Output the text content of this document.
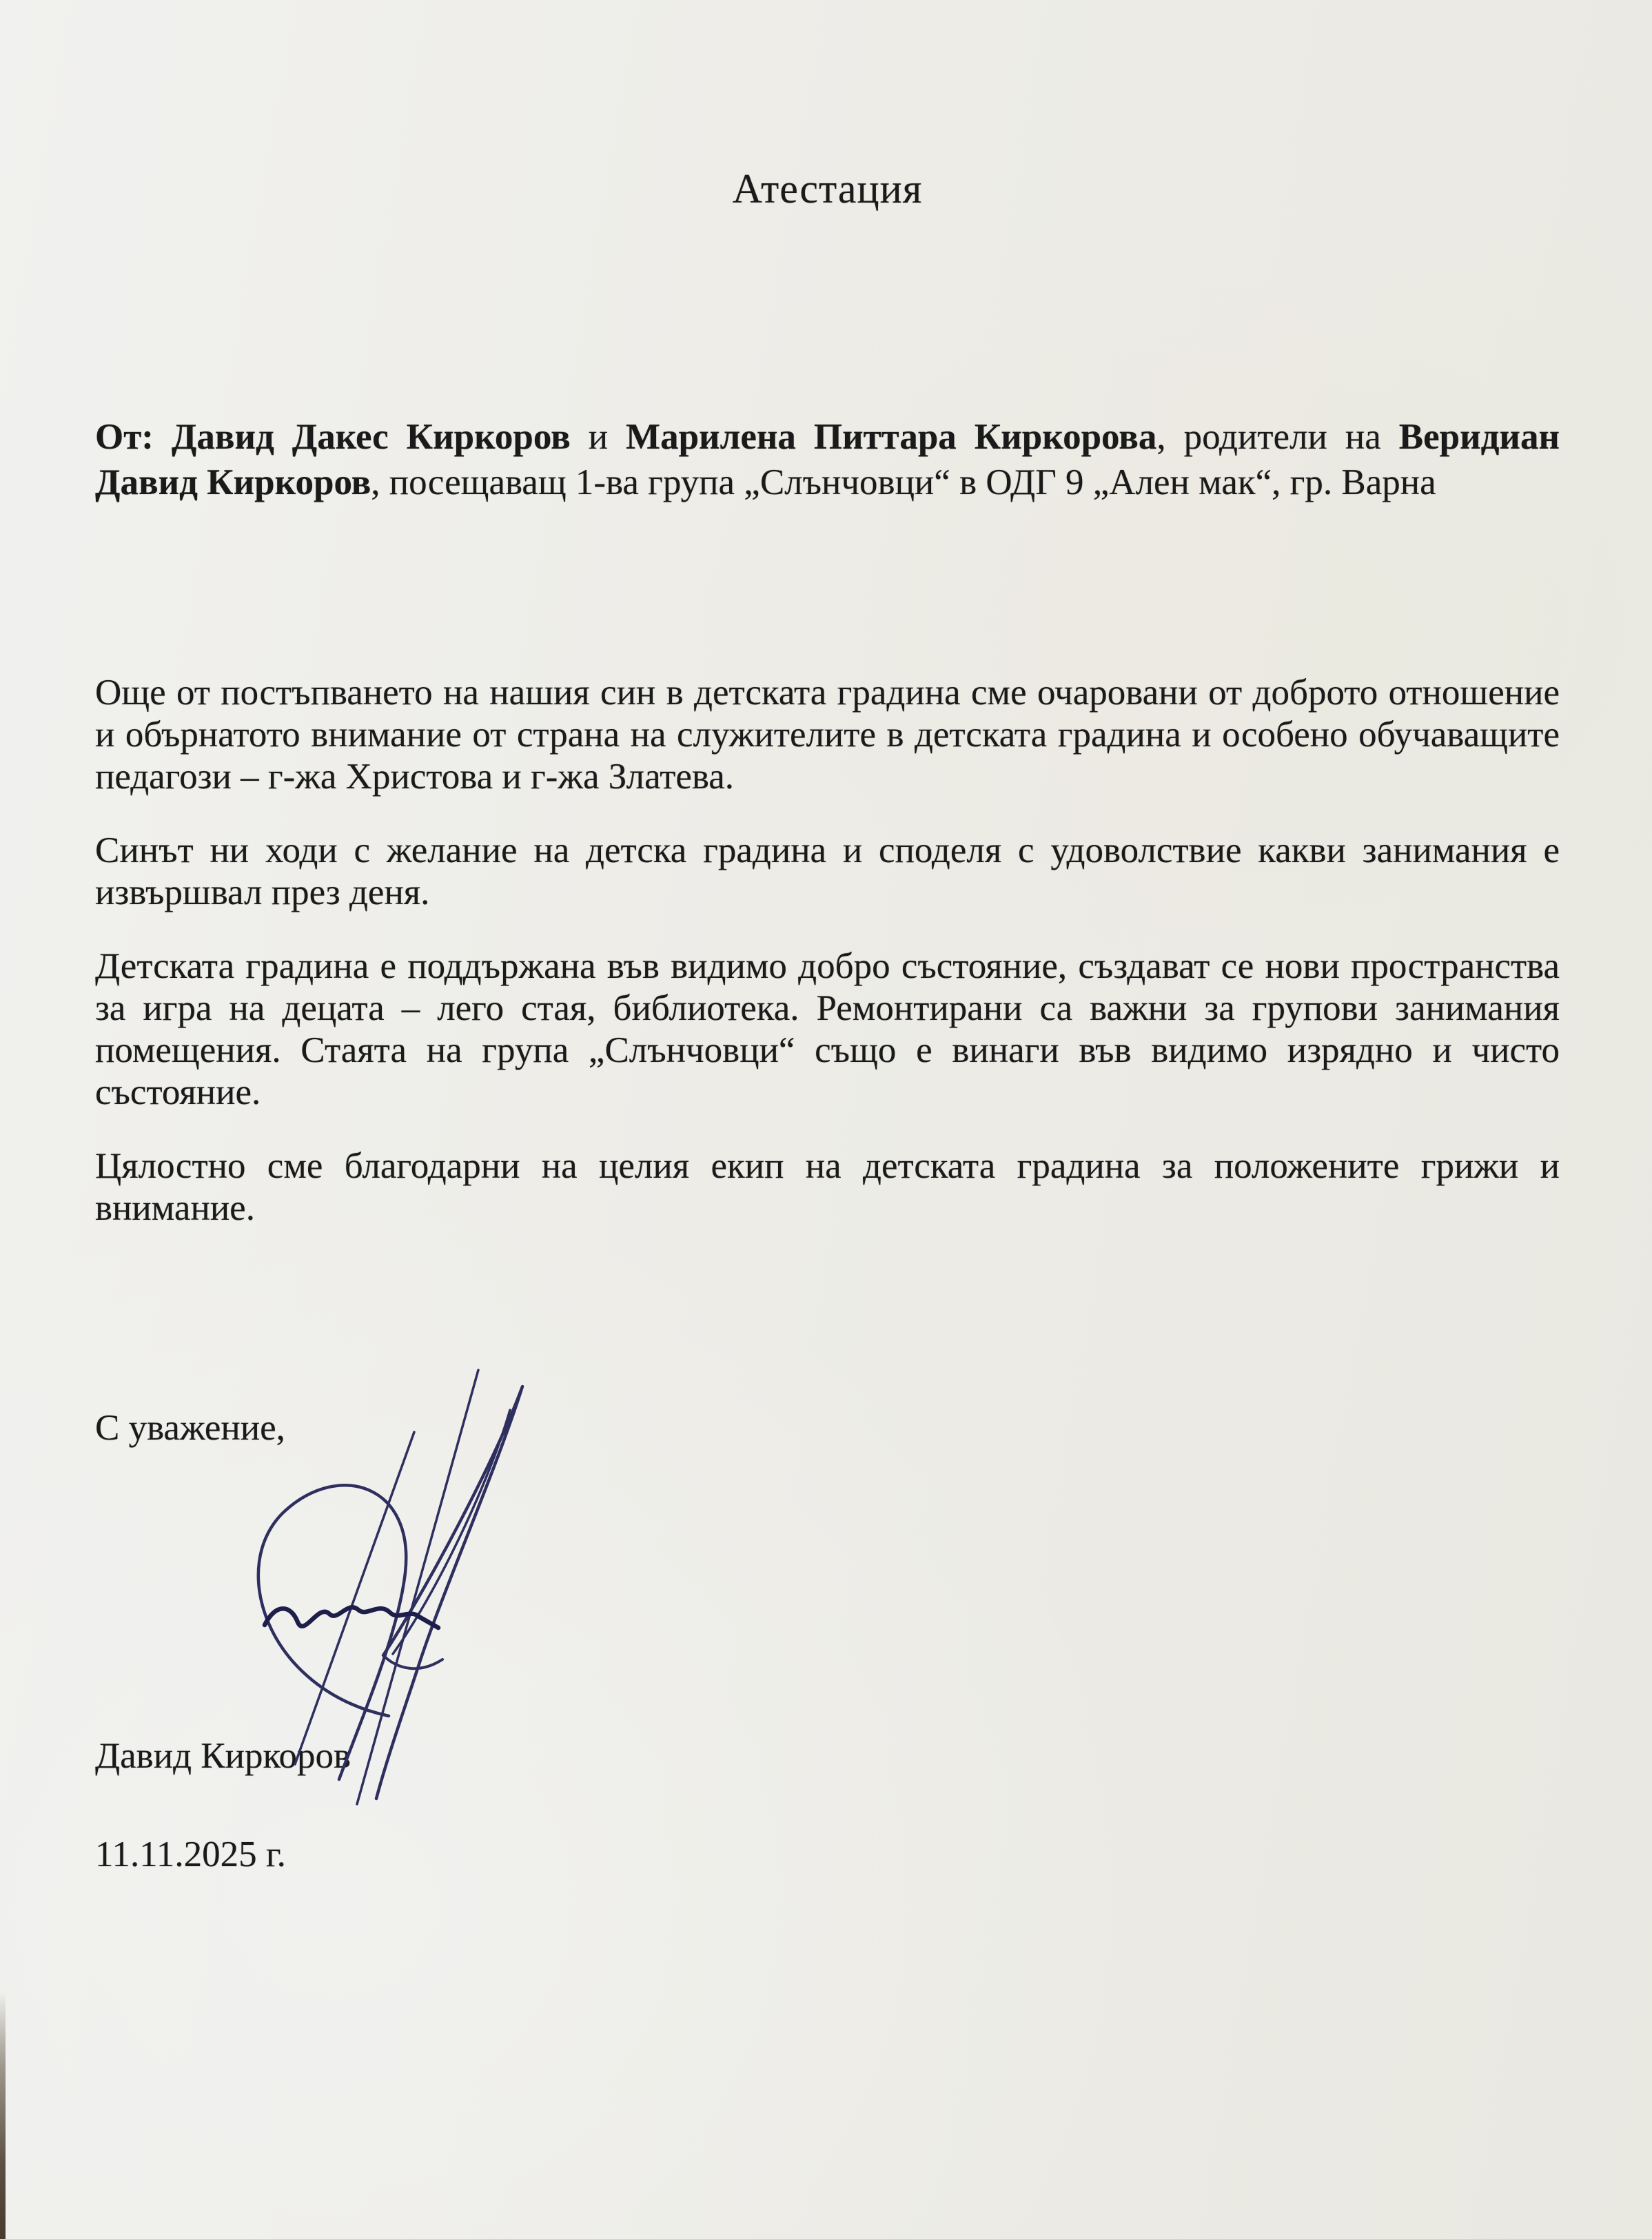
Атестация

От: Давид Дакес Киркоров и Марилена Питтара Киркорова, родители на Веридиан Давид Киркоров, посещаващ 1-ва група „Слънчовци“ в ОДГ 9 „Ален мак“, гр. Варна

Още от постъпването на нашия син в детската градина сме очаровани от доброто отношение и обърнатото внимание от страна на служителите в детската градина и особено обучаващите педагози – г-жа Христова и г-жа Златева.

Синът ни ходи с желание на детска градина и споделя с удоволствие какви занимания е извършвал през деня.

Детската градина е поддържана във видимо добро състояние, създават се нови пространства за игра на децата – лего стая, библиотека. Ремонтирани са важни за групови занимания помещения. Стаята на група „Слънчовци“ също е винаги във видимо изрядно и чисто състояние.

Цялостно сме благодарни на целия екип на детската градина за положените грижи и внимание.

С уважение,

Давид Киркоров

11.11.2025 г.
